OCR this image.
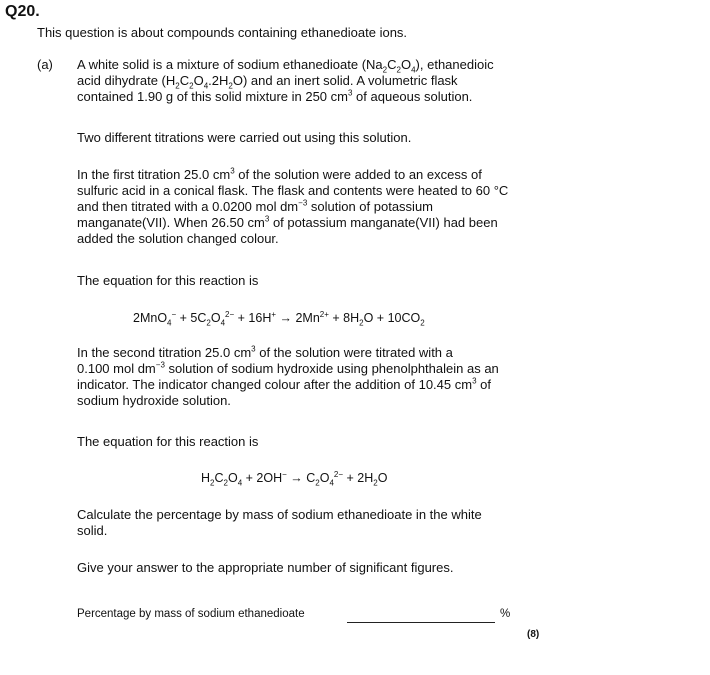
Q20.
This question is about compounds containing ethanedioate ions.
(a) A white solid is a mixture of sodium ethanedioate $(Na_2C_2O_4)$, ethanedioic
acid dihydrate $(H_2C_2O_4.2H_2O)$ and an inert solid. A volumetric flask
contained 1.90 g of this solid mixture in 250 $cm^3$ of aqueous solution.
Two different titrations were carried out using this solution.
In the first titration 25.0 $cm^3$ of the solution were added to an excess of
sulfuric acid in a conical flask. The flask and contents were heated to 60 °C
and then titrated with a 0.0200 mol $dm^{-3}$ solution of potassium
manganate(VII). When 26.50 $cm^3$ of potassium manganate(VII) had been
added the solution changed colour.
The equation for this reaction is
$2MnO_4^- + 5C_2O_4^{2-} + 16H^+ \to 2Mn^{2+} + 8H_2O + 10CO_2$
In the second titration 25.0 $cm^3$ of the solution were titrated with a
0.100 mol $dm^{-3}$ solution of sodium hydroxide using phenolphthalein as an
indicator. The indicator changed colour after the addition of 10.45 $cm^3$ of
sodium hydroxide solution.
The equation for this reaction is
$H_2C_2O_4 + 2OH^- \to C_2O_4^{2-} + 2H_2O$
Calculate the percentage by mass of sodium ethanedioate in the white
solid.
Give your answer to the appropriate number of significant figures.
Percentage by mass of sodium ethanedioate	%
(8)
